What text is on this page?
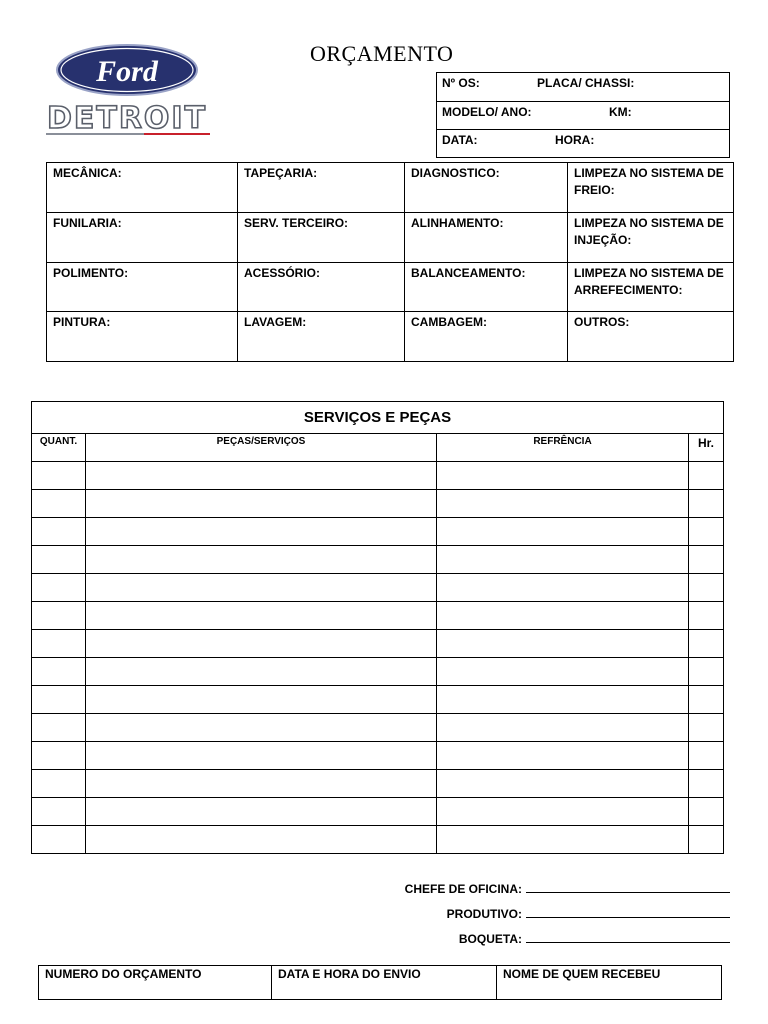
Ford
DETROIT
ORÇAMENTO
Nº OS:	PLACA/ CHASSI:
MODELO/ ANO:	KM:
DATA:	HORA:
MECÂNICA:	TAPEÇARIA:	DIAGNOSTICO:	LIMPEZA NO SISTEMA DE FREIO:
FUNILARIA:	SERV. TERCEIRO:	ALINHAMENTO:	LIMPEZA NO SISTEMA DE INJEÇÃO:
POLIMENTO:	ACESSÓRIO:	BALANCEAMENTO:	LIMPEZA NO SISTEMA DE ARREFECIMENTO:
PINTURA:	LAVAGEM:	CAMBAGEM:	OUTROS:
SERVIÇOS E PEÇAS			
QUANT.	PEÇAS/SERVIÇOS	REFRÊNCIA	Hr.

CHEFE DE OFICINA:
PRODUTIVO:
BOQUETA:
NUMERO DO ORÇAMENTO	DATA E HORA DO ENVIO	NOME DE QUEM RECEBEU
